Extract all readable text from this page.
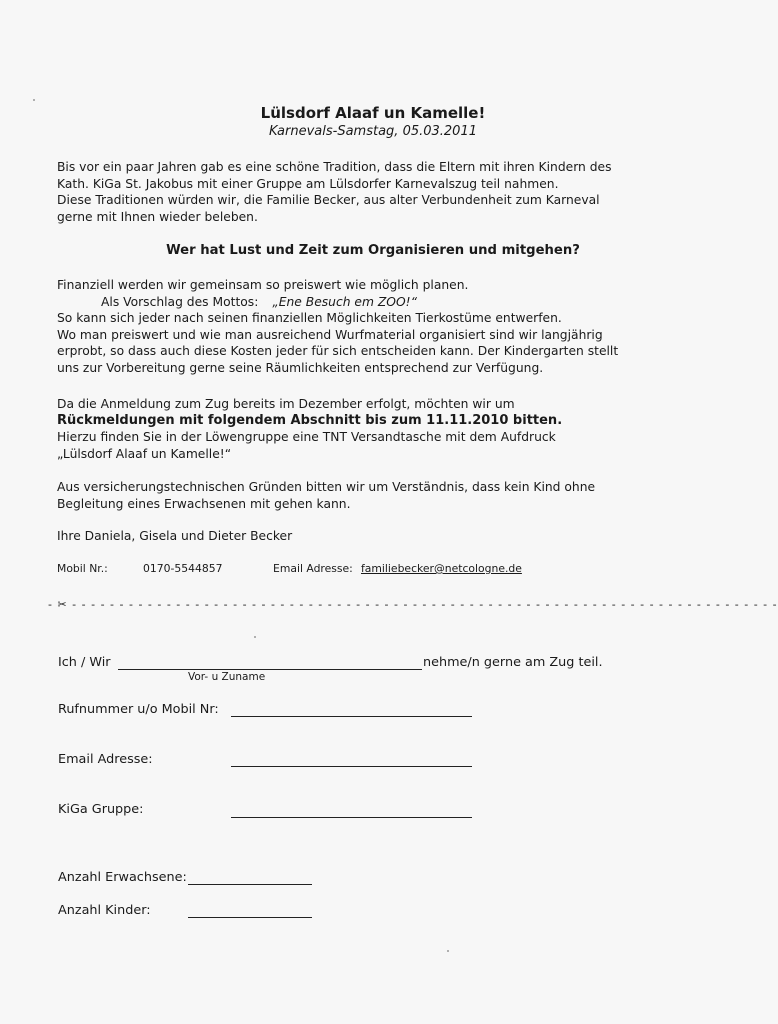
Lülsdorf Alaaf un Kamelle!
Karnevals-Samstag, 05.03.2011
Bis vor ein paar Jahren gab es eine schöne Tradition, dass die Eltern mit ihren Kindern des
Kath. KiGa St. Jakobus mit einer Gruppe am Lülsdorfer Karnevalszug teil nahmen.
Diese Traditionen würden wir, die Familie Becker, aus alter Verbundenheit zum Karneval
gerne mit Ihnen wieder beleben.
Wer hat Lust und Zeit zum Organisieren und mitgehen?
Finanziell werden wir gemeinsam so preiswert wie möglich planen.
Als Vorschlag des Mottos: „Ene Besuch em ZOO!“
So kann sich jeder nach seinen finanziellen Möglichkeiten Tierkostüme entwerfen.
Wo man preiswert und wie man ausreichend Wurfmaterial organisiert sind wir langjährig
erprobt, so dass auch diese Kosten jeder für sich entscheiden kann. Der Kindergarten stellt
uns zur Vorbereitung gerne seine Räumlichkeiten entsprechend zur Verfügung.
Da die Anmeldung zum Zug bereits im Dezember erfolgt, möchten wir um
Rückmeldungen mit folgendem Abschnitt bis zum 11.11.2010 bitten.
Hierzu finden Sie in der Löwengruppe eine TNT Versandtasche mit dem Aufdruck
„Lülsdorf Alaaf un Kamelle!“
Aus versicherungstechnischen Gründen bitten wir um Verständnis, dass kein Kind ohne
Begleitung eines Erwachsenen mit gehen kann.
Ihre Daniela, Gisela und Dieter Becker
Mobil Nr.:	0170-5544857	Email Adresse: familiebecker@netcologne.de
- ✂ - - - - - - - - - - - - - - - - - - - - - - - - - - - - - - - - - - - - - - - - - - - - - - - - - - - - - - - - - - - - - - - - - - - - - - - - - - -
Ich / Wir	nehme/n gerne am Zug teil.
Vor- u Zuname
Rufnummer u/o Mobil Nr:
Email Adresse:
KiGa Gruppe:
Anzahl Erwachsene:
Anzahl Kinder:
